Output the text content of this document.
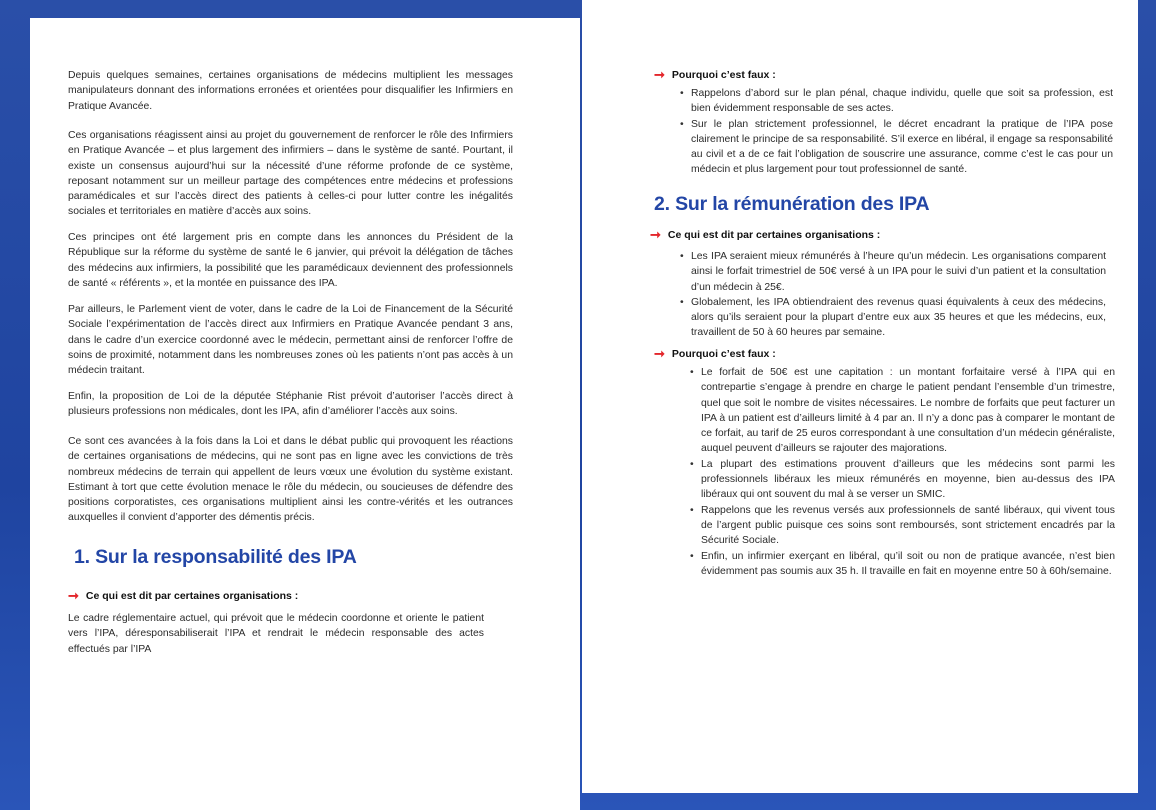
Depuis quelques semaines, certaines organisations de médecins multiplient les messages manipulateurs donnant des informations erronées et orientées pour disqualifier les Infirmiers en Pratique Avancée.

Ces organisations réagissent ainsi au projet du gouvernement de renforcer le rôle des Infirmiers en Pratique Avancée – et plus largement des infirmiers – dans le système de santé. Pourtant, il existe un consensus aujourd’hui sur la nécessité d’une réforme profonde de ce système, reposant notamment sur un meilleur partage des compétences entre médecins et professions paramédicales et sur l’accès direct des patients à celles-ci pour lutter contre les inégalités sociales et territoriales en matière d’accès aux soins.

Ces principes ont été largement pris en compte dans les annonces du Président de la République sur la réforme du système de santé le 6 janvier, qui prévoit la délégation de tâches des médecins aux infirmiers, la possibilité que les paramédicaux deviennent des professionnels de santé « référents », et la montée en puissance des IPA.

Par ailleurs, le Parlement vient de voter, dans le cadre de la Loi de Financement de la Sécurité Sociale l’expérimentation de l’accès direct aux Infirmiers en Pratique Avancée pendant 3 ans, dans le cadre d’un exercice coordonné avec le médecin, permettant ainsi de renforcer l’offre de soins de proximité, notamment dans les nombreuses zones où les patients n’ont pas accès à un médecin traitant.

Enfin, la proposition de Loi de la députée Stéphanie Rist prévoit d’autoriser l’accès direct à plusieurs professions non médicales, dont les IPA, afin d’améliorer l’accès aux soins.

Ce sont ces avancées à la fois dans la Loi et dans le débat public qui provoquent les réactions de certaines organisations de médecins, qui ne sont pas en ligne avec les convictions de très nombreux médecins de terrain qui appellent de leurs vœux une évolution du système existant. Estimant à tort que cette évolution menace le rôle du médecin, ou soucieuses de défendre des positions corporatistes, ces organisations multiplient ainsi les contre-vérités et les outrances auxquelles il convient d’apporter des démentis précis.

1. Sur la responsabilité des IPA
➞ Ce qui est dit par certaines organisations :

Le cadre réglementaire actuel, qui prévoit que le médecin coordonne et oriente le patient vers l’IPA, déresponsabiliserait l’IPA et rendrait le médecin responsable des actes effectués par l’IPA

➞ Pourquoi c’est faux :
• Rappelons d’abord sur le plan pénal, chaque individu, quelle que soit sa profession, est bien évidemment responsable de ses actes.
• Sur le plan strictement professionnel, le décret encadrant la pratique de l’IPA pose clairement le principe de sa responsabilité. S’il exerce en libéral, il engage sa responsabilité au civil et a de ce fait l’obligation de souscrire une assurance, comme c’est le cas pour un médecin et plus largement pour tout professionnel de santé.
2. Sur la rémunération des IPA
➞ Ce qui est dit par certaines organisations :
• Les IPA seraient mieux rémunérés à l’heure qu’un médecin. Les organisations comparent ainsi le forfait trimestriel de 50€ versé à un IPA pour le suivi d’un patient et la consultation d’un médecin à 25€.
• Globalement, les IPA obtiendraient des revenus quasi équivalents à ceux des médecins, alors qu’ils seraient pour la plupart d’entre eux aux 35 heures et que les médecins, eux, travaillent de 50 à 60 heures par semaine.
➞ Pourquoi c’est faux :
• Le forfait de 50€ est une capitation : un montant forfaitaire versé à l’IPA qui en contrepartie s’engage à prendre en charge le patient pendant l’ensemble d’un trimestre, quel que soit le nombre de visites nécessaires. Le nombre de forfaits que peut facturer un IPA à un patient est d’ailleurs limité à 4 par an. Il n’y a donc pas à comparer le montant de ce forfait, au tarif de 25 euros correspondant à une consultation d’un médecin généraliste, auquel peuvent d’ailleurs se rajouter des majorations.
• La plupart des estimations prouvent d’ailleurs que les médecins sont parmi les professionnels libéraux les mieux rémunérés en moyenne, bien au-dessus des IPA libéraux qui ont souvent du mal à se verser un SMIC.
• Rappelons que les revenus versés aux professionnels de santé libéraux, qui vivent tous de l’argent public puisque ces soins sont remboursés, sont strictement encadrés par la Sécurité Sociale.
• Enfin, un infirmier exerçant en libéral, qu’il soit ou non de pratique avancée, n’est bien évidemment pas soumis aux 35 h. Il travaille en fait en moyenne entre 50 à 60h/semaine.
